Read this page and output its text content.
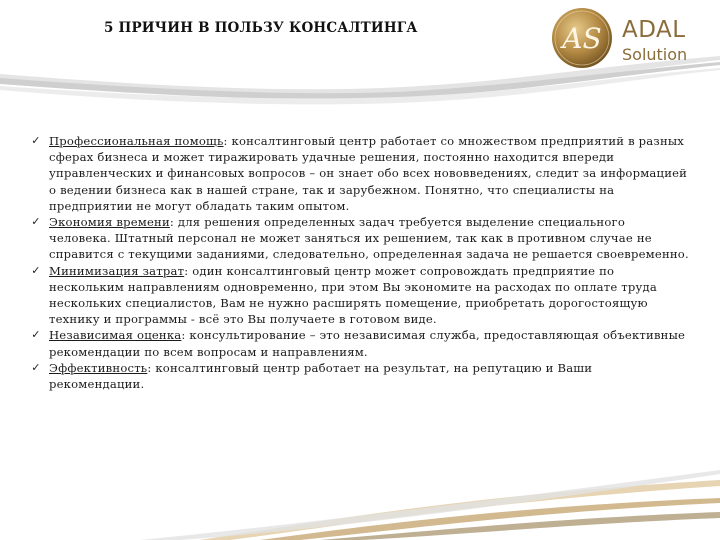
5 ПРИЧИН В ПОЛЬЗУ КОНСАЛТИНГА	AS ADAL
Solution
✓ Профессиональная помощь: консалтинговый центр работает со множеством предприятий в разных сферах бизнеса и может тиражировать удачные решения, постоянно находится впереди управленческих и финансовых вопросов – он знает обо всех нововведениях, следит за информацией о ведении бизнеса как в нашей стране, так и зарубежном. Понятно, что специалисты на предприятии не могут обладать таким опытом.
✓ Экономия времени: для решения определенных задач требуется выделение специального человека. Штатный персонал не может заняться их решением, так как в противном случае не справится с текущими заданиями, следовательно, определенная задача не решается своевременно.
✓ Минимизация затрат: один консалтинговый центр может сопровождать предприятие по нескольким направлениям одновременно, при этом Вы экономите на расходах по оплате труда нескольких специалистов, Вам не нужно расширять помещение, приобретать дорогостоящую технику и программы - всё это Вы получаете в готовом виде.
✓ Независимая оценка: консультирование – это независимая служба, предоставляющая объективные рекомендации по всем вопросам и направлениям.
✓ Эффективность: консалтинговый центр работает на результат, на репутацию и Ваши рекомендации.
